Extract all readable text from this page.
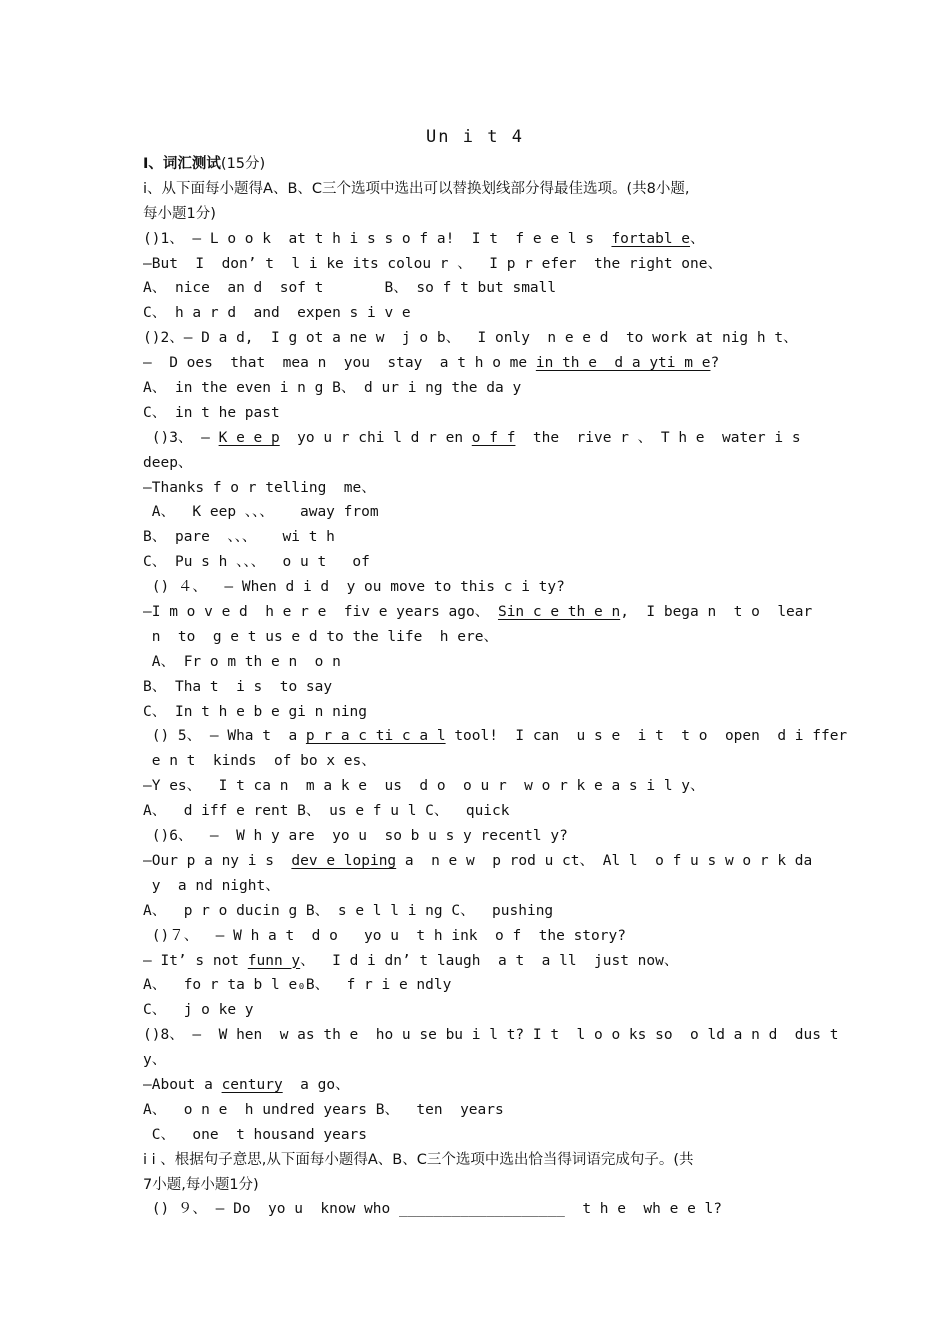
Un i t 4
Ⅰ、词汇测试(15分)
i、从下面每小题得A、B、C三个选项中选出可以替换划线部分得最佳选项。(共8小题,
每小题1分)
()1、 — L o o k  at t h i s s o f a!  I t  f e e l s  fortabl e、
—But  I  don’ t  l i ke its colou r 、  I p r efer  the right one、
A、 nice  an d  sof t       B、 so f t but small
C、 h a r d  and  expen s i v e
()2、— D a d,  I g ot a ne w  j o b、  I only  n e e d  to work at nig h t、
—  D oes  that  mea n  you  stay  a t h o me in th e  d a yti m e?
A、 in the even i n g B、 d ur i ng the da y
C、 in t he past
()3、 — K e e p  yo u r chi l d r en o f f  the  rive r 、 T h e  water i s
deep、
—Thanks f o r telling  me、
A、  K eep 、、、   away from
B、 pare  、、、   wi t h
C、 Pu s h 、、、  o u t   of
() ４、  — When d i d  y ou move to this c i ty?
—I m o v e d  h e r e  fiv e years ago、 Sin c e th e n,  I bega n  t o  lear
n  to  g e t us e d to the life  h ere、
A、 Fr o m th e n  o n
B、 Tha t  i s  to say
C、 In t h e b e gi n ning
() 5、 — Wha t  a p r a c ti c a l tool!  I can  u s e  i t  t o  open  d i ffer
e n t  kinds  of bo x es、
—Y es、  I t ca n  m a k e  us  d o  o u r  w o r k e a s i l y、
A、  d iff e rent B、 us e f u l C、  quick
()6、  —  W h y are  yo u  so b u s y recentl y?
—Our p a ny i s  dev e loping a  n e w  p rod u ct、 Al l  o f u s w o r k da
y  a nd night、
A、  p r o ducin g B、 s e l l i ng C、  pushing
()７、  — W h a t  d o   yo u  t h ink  o f  the story?
— It’ s not funn y、  I d i dn’ t laugh  a t  a ll  just now、
A、  fo r ta b l e₀B、  f r i e ndly
C、  j o ke y
()8、 —  W hen  w as th e  ho u se bu i l t? I t  l o o ks so  o ld a n d  dus t
y、
—About a century  a go、
A、  o n e  h undred years B、  ten  years
C、  one  t housand years
i i 、根据句子意思,从下面每小题得A、B、C三个选项中选出恰当得词语完成句子。(共
7小题,每小题1分)
() ９、 — Do  yo u  know who ___________________  t h e  wh e e l?
